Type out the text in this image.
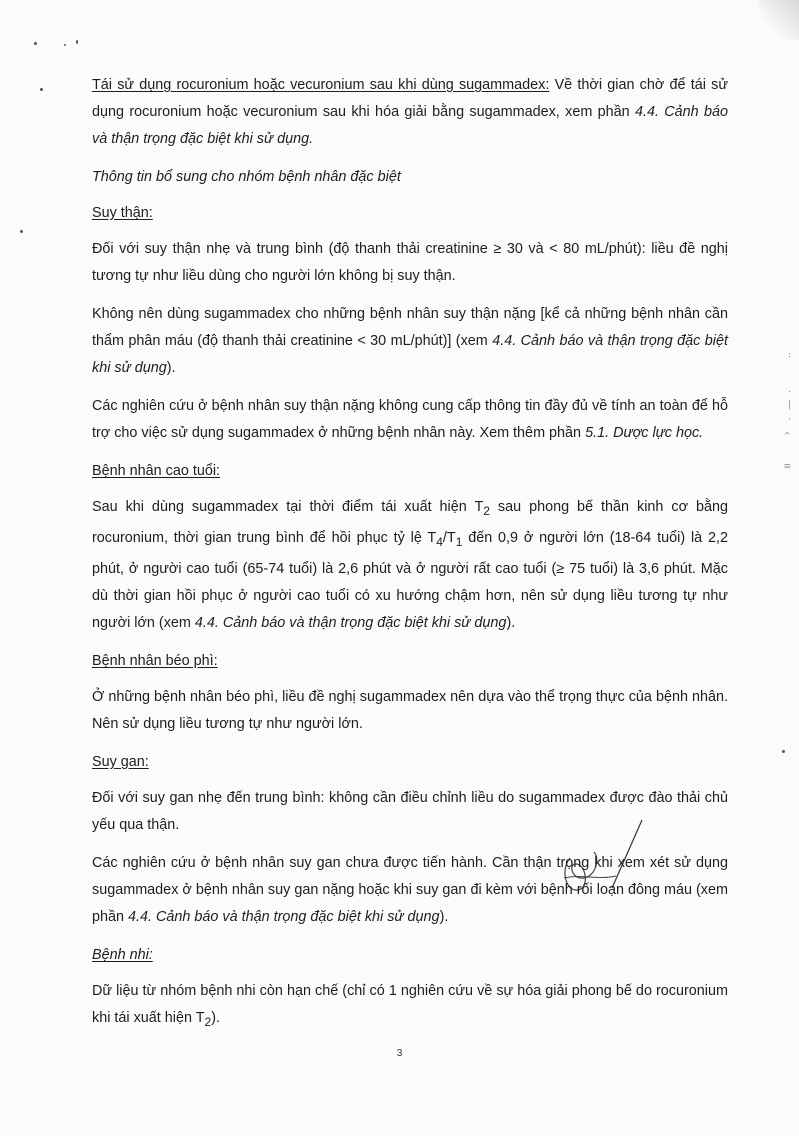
:
.
|
·
^
≡

Tái sử dụng rocuronium hoặc vecuronium sau khi dùng sugammadex: Về thời gian chờ để tái sử dụng rocuronium hoặc vecuronium sau khi hóa giải bằng sugammadex, xem phần 4.4. Cảnh báo và thận trọng đặc biệt khi sử dụng.

Thông tin bổ sung cho nhóm bệnh nhân đặc biệt

Suy thận:

Đối với suy thận nhẹ và trung bình (độ thanh thải creatinine ≥ 30 và < 80 mL/phút): liều đề nghị tương tự như liều dùng cho người lớn không bị suy thận.

Không nên dùng sugammadex cho những bệnh nhân suy thận nặng [kể cả những bệnh nhân cần thẩm phân máu (độ thanh thải creatinine < 30 mL/phút)] (xem 4.4. Cảnh báo và thận trọng đặc biệt khi sử dụng).

Các nghiên cứu ở bệnh nhân suy thận nặng không cung cấp thông tin đầy đủ về tính an toàn để hỗ trợ cho việc sử dụng sugammadex ở những bệnh nhân này. Xem thêm phần 5.1. Dược lực học.

Bệnh nhân cao tuổi:

Sau khi dùng sugammadex tại thời điểm tái xuất hiện $T_2$ sau phong bế thần kinh cơ bằng rocuronium, thời gian trung bình để hồi phục tỷ lệ $T_4/T_1$ đến 0,9 ở người lớn (18-64 tuổi) là 2,2 phút, ở người cao tuổi (65-74 tuổi) là 2,6 phút và ở người rất cao tuổi (≥ 75 tuổi) là 3,6 phút. Mặc dù thời gian hồi phục ở người cao tuổi có xu hướng chậm hơn, nên sử dụng liều tương tự như người lớn (xem 4.4. Cảnh báo và thận trọng đặc biệt khi sử dụng).

Bệnh nhân béo phì:

Ở những bệnh nhân béo phì, liều đề nghị sugammadex nên dựa vào thể trọng thực của bệnh nhân. Nên sử dụng liều tương tự như người lớn.

Suy gan:

Đối với suy gan nhẹ đến trung bình: không cần điều chỉnh liều do sugammadex được đào thải chủ yếu qua thận.

Các nghiên cứu ở bệnh nhân suy gan chưa được tiến hành. Cần thận trọng khi xem xét sử dụng sugammadex ở bệnh nhân suy gan nặng hoặc khi suy gan đi kèm với bệnh rối loạn đông máu (xem phần 4.4. Cảnh báo và thận trọng đặc biệt khi sử dụng).

Bệnh nhi:

Dữ liệu từ nhóm bệnh nhi còn hạn chế (chỉ có 1 nghiên cứu về sự hóa giải phong bế do rocuronium khi tái xuất hiện $T_2$).

3
